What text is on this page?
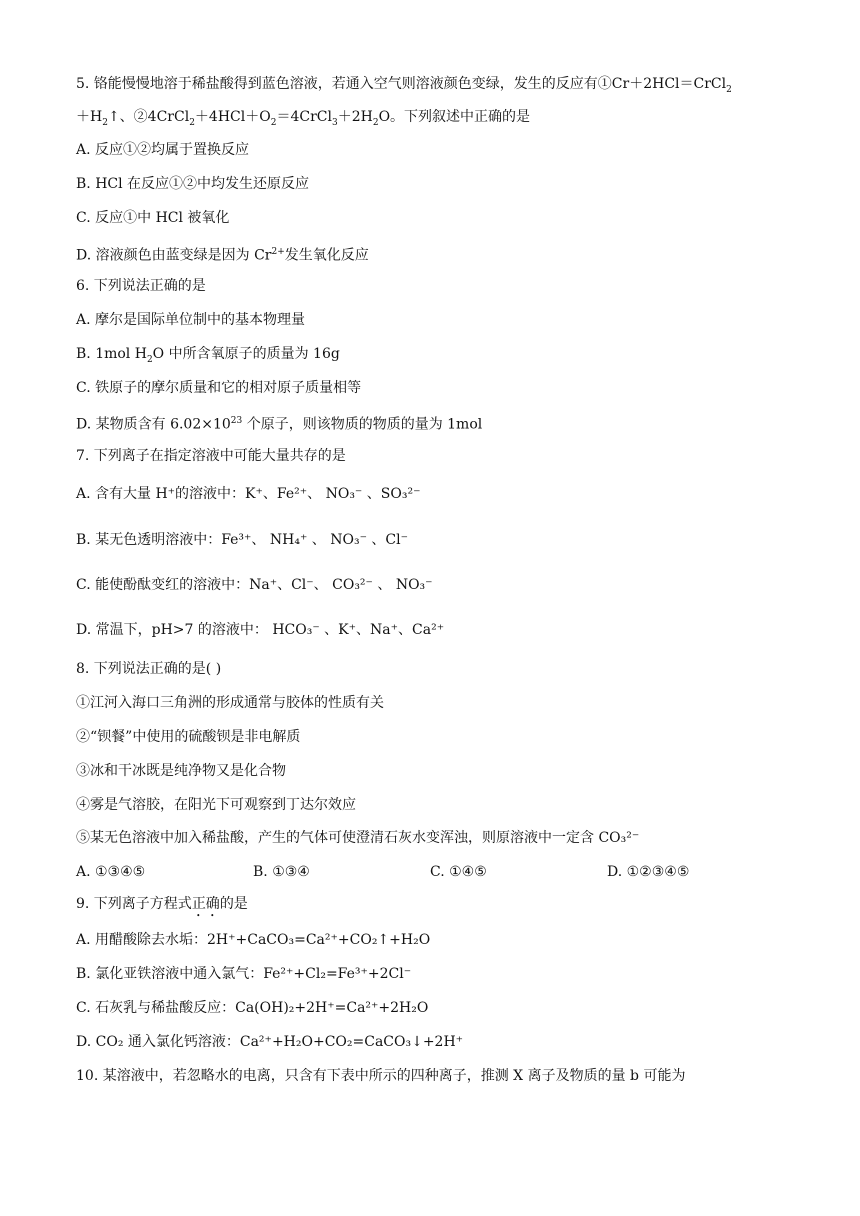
5. 铬能慢慢地溶于稀盐酸得到蓝色溶液，若通入空气则溶液颜色变绿，发生的反应有①Cr＋2HCl＝CrCl$_2$
$+H_2↑$、$②4CrCl_2+4HCl+O_2=4CrCl_3+2H_2O$。下列叙述中正确的是
A. 反应①②均属于置换反应
B. HCl 在反应①②中均发生还原反应
C. 反应①中 HCl 被氧化
D. 溶液颜色由蓝变绿是因为 $Cr^{2+}$发生氧化反应
6. 下列说法正确的是
A. 摩尔是国际单位制中的基本物理量
B. 1mol $H_2O$ 中所含氧原子的质量为 16g
C. 铁原子的摩尔质量和它的相对原子质量相等
D. 某物质含有 $6.02\times 10^{23}$ 个原子，则该物质的物质的量为 1mol
7. 下列离子在指定溶液中可能大量共存的是
A. 含有大量 H⁺的溶液中：K⁺、Fe²⁺、 NO₃⁻ 、SO₃²⁻
B. 某无色透明溶液中：Fe³⁺、 NH₄⁺ 、 NO₃⁻ 、Cl⁻
C. 能使酚酞变红的溶液中：Na⁺、Cl⁻、 CO₃²⁻ 、 NO₃⁻
D. 常温下，pH>7 的溶液中： HCO₃⁻ 、K⁺、Na⁺、Ca²⁺
8. 下列说法正确的是( )
①江河入海口三角洲的形成通常与胶体的性质有关
②“钡餐”中使用的硫酸钡是非电解质
③冰和干冰既是纯净物又是化合物
④雾是气溶胶，在阳光下可观察到丁达尔效应
⑤某无色溶液中加入稀盐酸，产生的气体可使澄清石灰水变浑浊，则原溶液中一定含 CO₃²⁻
A. ①③④⑤	B. ①③④	C. ①④⑤	D. ①②③④⑤
9. 下列离子方程式正确的是
A. 用醋酸除去水垢：2H⁺+CaCO₃=Ca²⁺+CO₂↑+H₂O
B. 氯化亚铁溶液中通入氯气：Fe²⁺+Cl₂=Fe³⁺+2Cl⁻
C. 石灰乳与稀盐酸反应：Ca(OH)₂+2H⁺=Ca²⁺+2H₂O
D. CO₂ 通入氯化钙溶液：Ca²⁺+H₂O+CO₂=CaCO₃↓+2H⁺
10. 某溶液中，若忽略水的电离，只含有下表中所示的四种离子，推测 X 离子及物质的量 b 可能为
